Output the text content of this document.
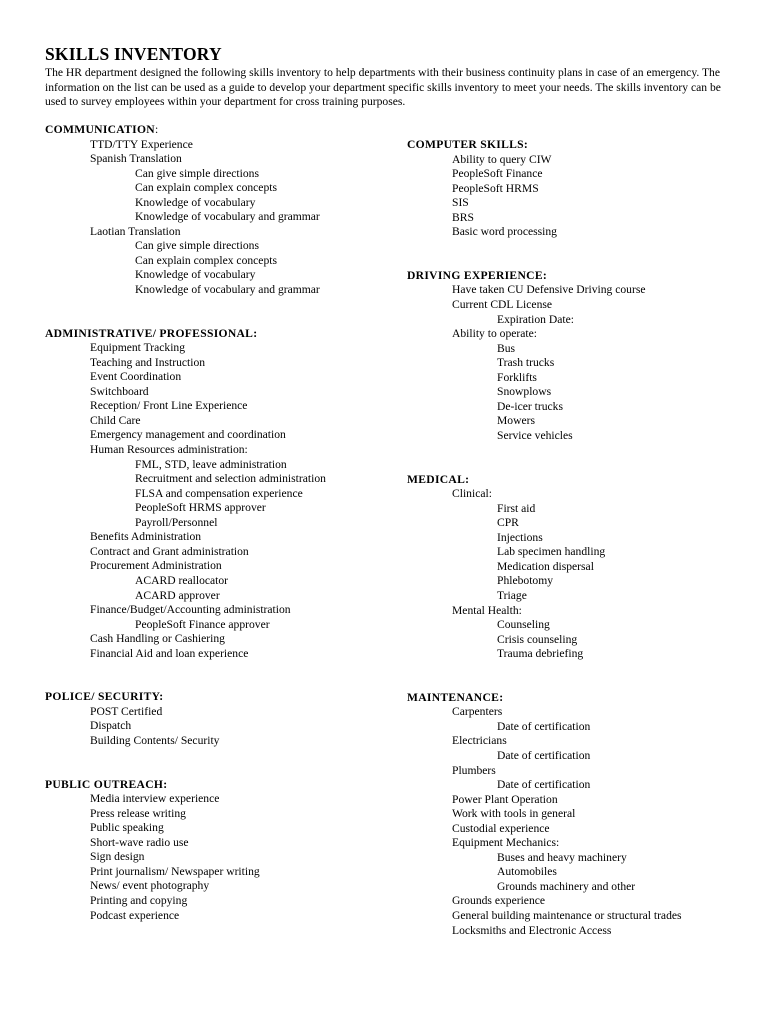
SKILLS INVENTORY
The HR department designed the following skills inventory to help departments with their business continuity plans in case of an emergency. The information on the list can be used as a guide to develop your department specific skills inventory to meet your needs. The skills inventory can be used to survey employees within your department for cross training purposes.
COMMUNICATION:
TTD/TTY Experience
Spanish Translation
Can give simple directions
Can explain complex concepts
Knowledge of vocabulary
Knowledge of vocabulary and grammar
Laotian Translation
Can give simple directions
Can explain complex concepts
Knowledge of vocabulary
Knowledge of vocabulary and grammar
ADMINISTRATIVE/ PROFESSIONAL:
Equipment Tracking
Teaching and Instruction
Event Coordination
Switchboard
Reception/ Front Line Experience
Child Care
Emergency management and coordination
Human Resources administration:
FML, STD, leave administration
Recruitment and selection administration
FLSA and compensation experience
PeopleSoft HRMS approver
Payroll/Personnel
Benefits Administration
Contract and Grant administration
Procurement Administration
ACARD reallocator
ACARD approver
Finance/Budget/Accounting administration
PeopleSoft Finance approver
Cash Handling or Cashiering
Financial Aid and loan experience
POLICE/ SECURITY:
POST Certified
Dispatch
Building Contents/ Security
PUBLIC OUTREACH:
Media interview experience
Press release writing
Public speaking
Short-wave radio use
Sign design
Print journalism/ Newspaper writing
News/ event photography
Printing and copying
Podcast experience
COMPUTER SKILLS:
Ability to query CIW
PeopleSoft Finance
PeopleSoft HRMS
SIS
BRS
Basic word processing
DRIVING EXPERIENCE:
Have taken CU Defensive Driving course
Current CDL License
Expiration Date:
Ability to operate:
Bus
Trash trucks
Forklifts
Snowplows
De-icer trucks
Mowers
Service vehicles
MEDICAL:
Clinical:
First aid
CPR
Injections
Lab specimen handling
Medication dispersal
Phlebotomy
Triage
Mental Health:
Counseling
Crisis counseling
Trauma debriefing
MAINTENANCE:
Carpenters
Date of certification
Electricians
Date of certification
Plumbers
Date of certification
Power Plant Operation
Work with tools in general
Custodial experience
Equipment Mechanics:
Buses and heavy machinery
Automobiles
Grounds machinery and other
Grounds experience
General building maintenance or structural trades
Locksmiths and Electronic Access
